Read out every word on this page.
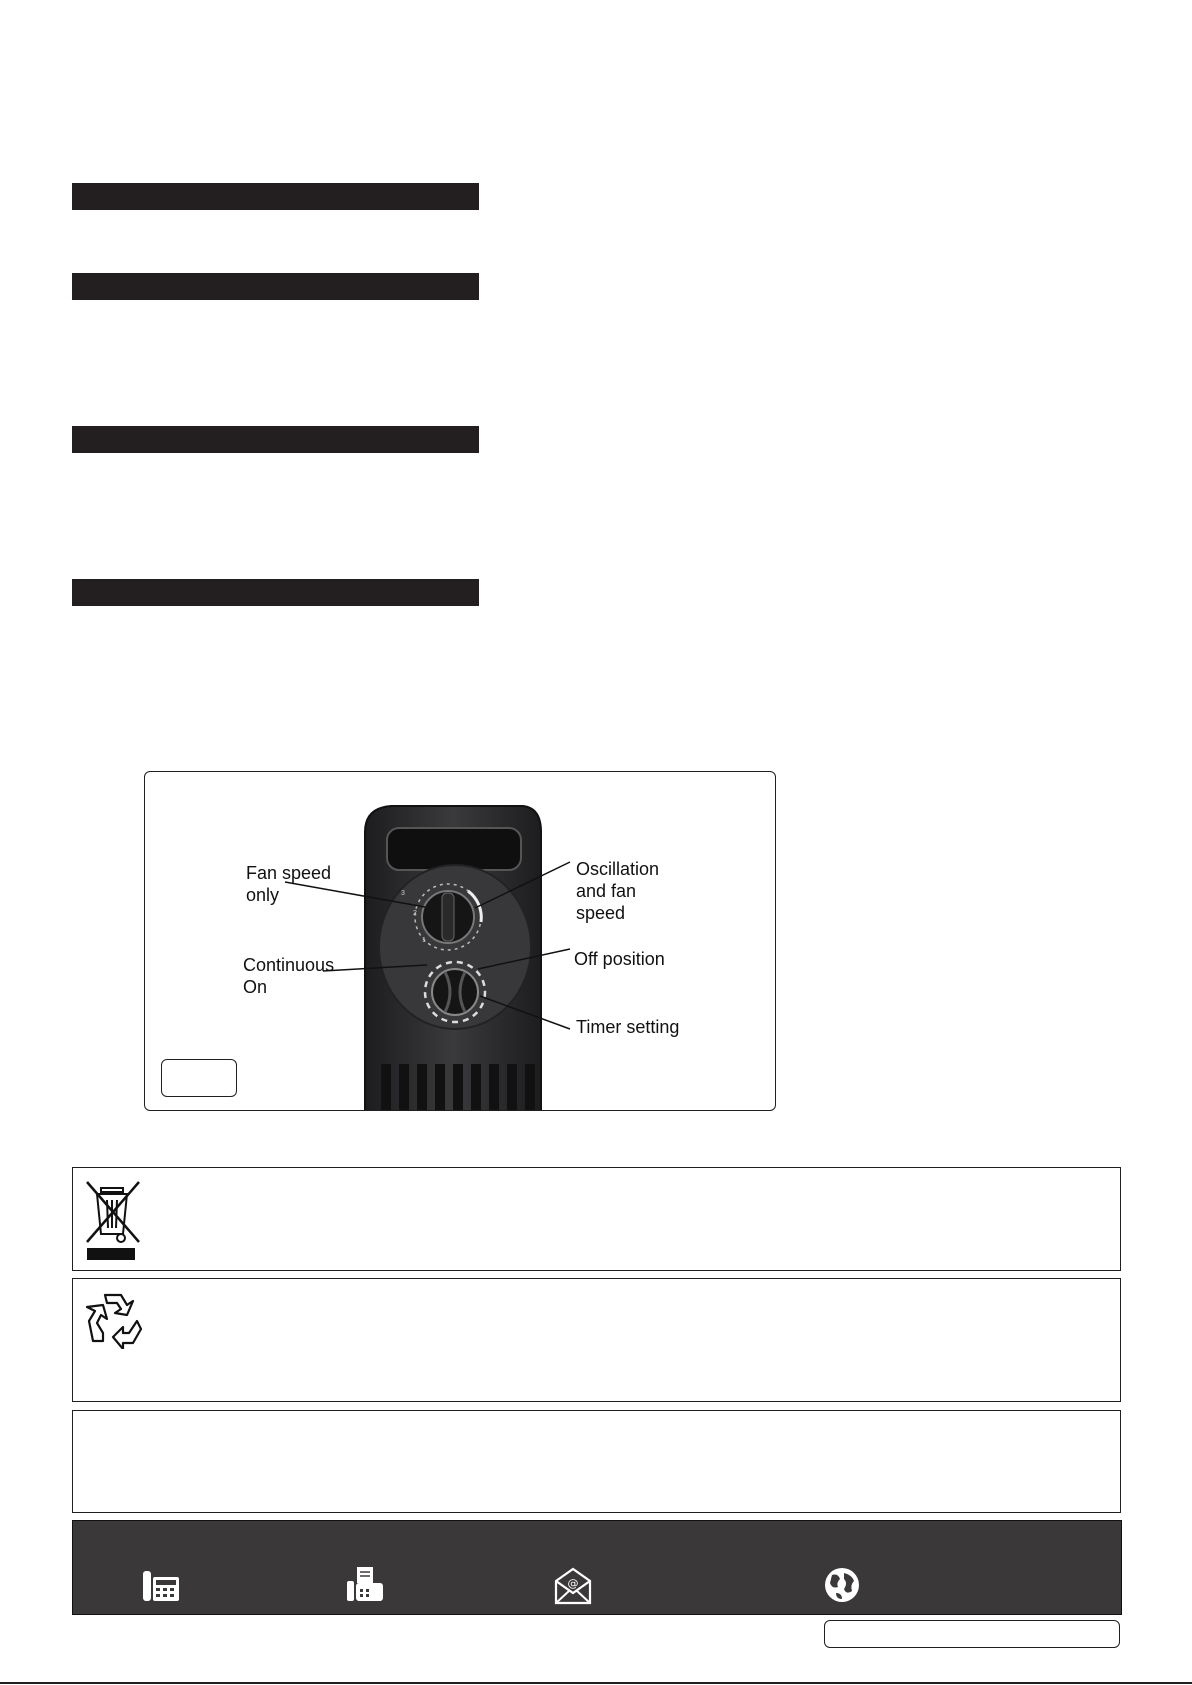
3
2
1
Fan speed
only
Oscillation
and fan
speed
Continuous
On
Off position
Timer setting
@
